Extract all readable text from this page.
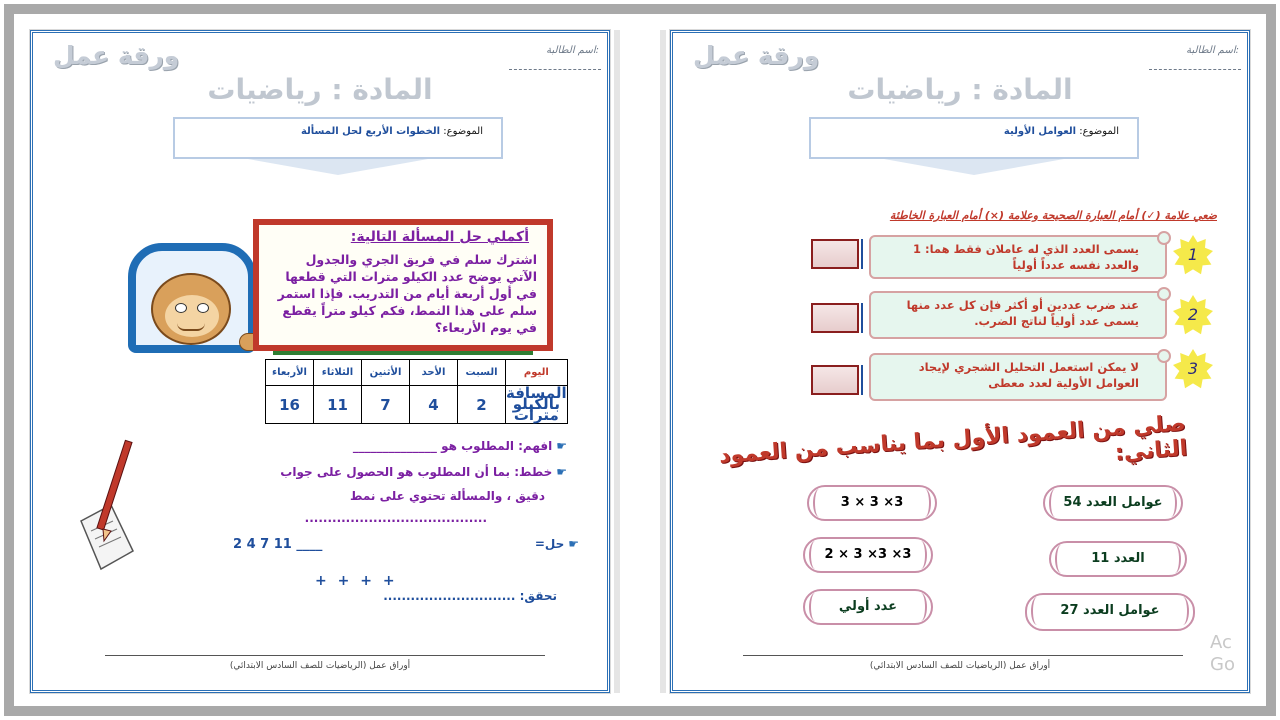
ورقة عمل	اسم الطالبة:
المادة : رياضيات
الموضوع: الخطوات الأربع لحل المسألة
أكملي حل المسألة التالية:
اشترك سلم في فريق الجري والجدول الآتي يوضح عدد الكيلو مترات التي قطعها في أول أربعة أيام من التدريب. فإذا استمر سلم على هذا النمط، فكم كيلو متراً يقطع في يوم الأربعاء؟
الأربعاء	الثلاثاء	الأثنين	الأحد	السبت	اليوم
16	11	7	4	2	المسافة بالكيلو مترات
☛افهم: المطلوب هو ______________
☛خطط: بما أن المطلوب هو الحصول على جواب
دقيق ، والمسألة تحتوي على نمط
........................................
☛حل=
2 4 7 11 ____
+ + + +
تحقق: .............................
أوراق عمل (الرياضيات للصف السادس الابتدائي)
ورقة عمل	اسم الطالبة:
المادة : رياضيات
الموضوع: العوامل الأولية
ضعي علامة (✓) أمام العبارة الصحيحة وعلامة (×) أمام العبارة الخاطئة
يسمى العدد الذي له عاملان فقط هما: 1 والعدد نفسه عدداً أولياً
1
عند ضرب عددين أو أكثر فإن كل عدد منها يسمى عدد أولياً لناتج الضرب.	2
لا يمكن استعمل التحليل الشجري لإيجاد العوامل الأولية لعدد معطى
3
صلي من العمود الأول بما يناسب من العمود الثاني:
عوامل العدد 54
العدد 11
عوامل العدد 27
3 × 3 ×3
2 × 3 ×3 ×3
عدد أولي
أوراق عمل (الرياضيات للصف السادس الابتدائي)
Ac
Go
